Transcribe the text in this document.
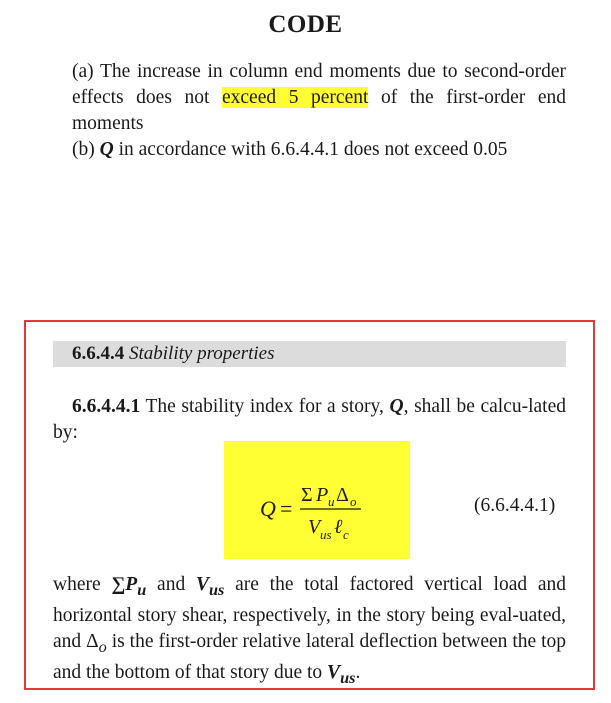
CODE
(a) The increase in column end moments due to second-order effects does not exceed 5 percent of the first-order end moments
(b) Q in accordance with 6.6.4.4.1 does not exceed 0.05
6.6.4.4 Stability properties
6.6.4.4.1 The stability index for a story, Q, shall be calcu-lated by:
Q =
Σ P u Δ o
V us ℓ c
(6.6.4.4.1)
where $\sum P_u$ and $V_{us}$ are the total factored vertical load and horizontal story shear, respectively, in the story being eval-uated, and $\Delta_o$ is the first-order relative lateral deflection between the top and the bottom of that story due to $V_{us}$.
